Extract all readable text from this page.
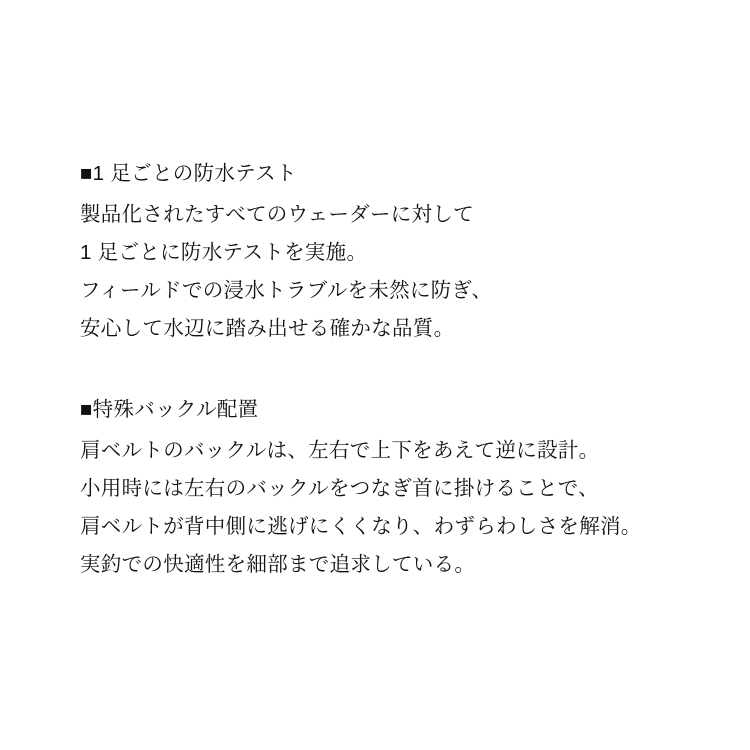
■1 足ごとの防水テスト

製品化されたすべてのウェーダーに対して

1 足ごとに防水テストを実施。

フィールドでの浸水トラブルを未然に防ぎ、

安心して水辺に踏み出せる確かな品質。

■特殊バックル配置

肩ベルトのバックルは、左右で上下をあえて逆に設計。

小用時には左右のバックルをつなぎ首に掛けることで、

肩ベルトが背中側に逃げにくくなり、わずらわしさを解消。

実釣での快適性を細部まで追求している。
